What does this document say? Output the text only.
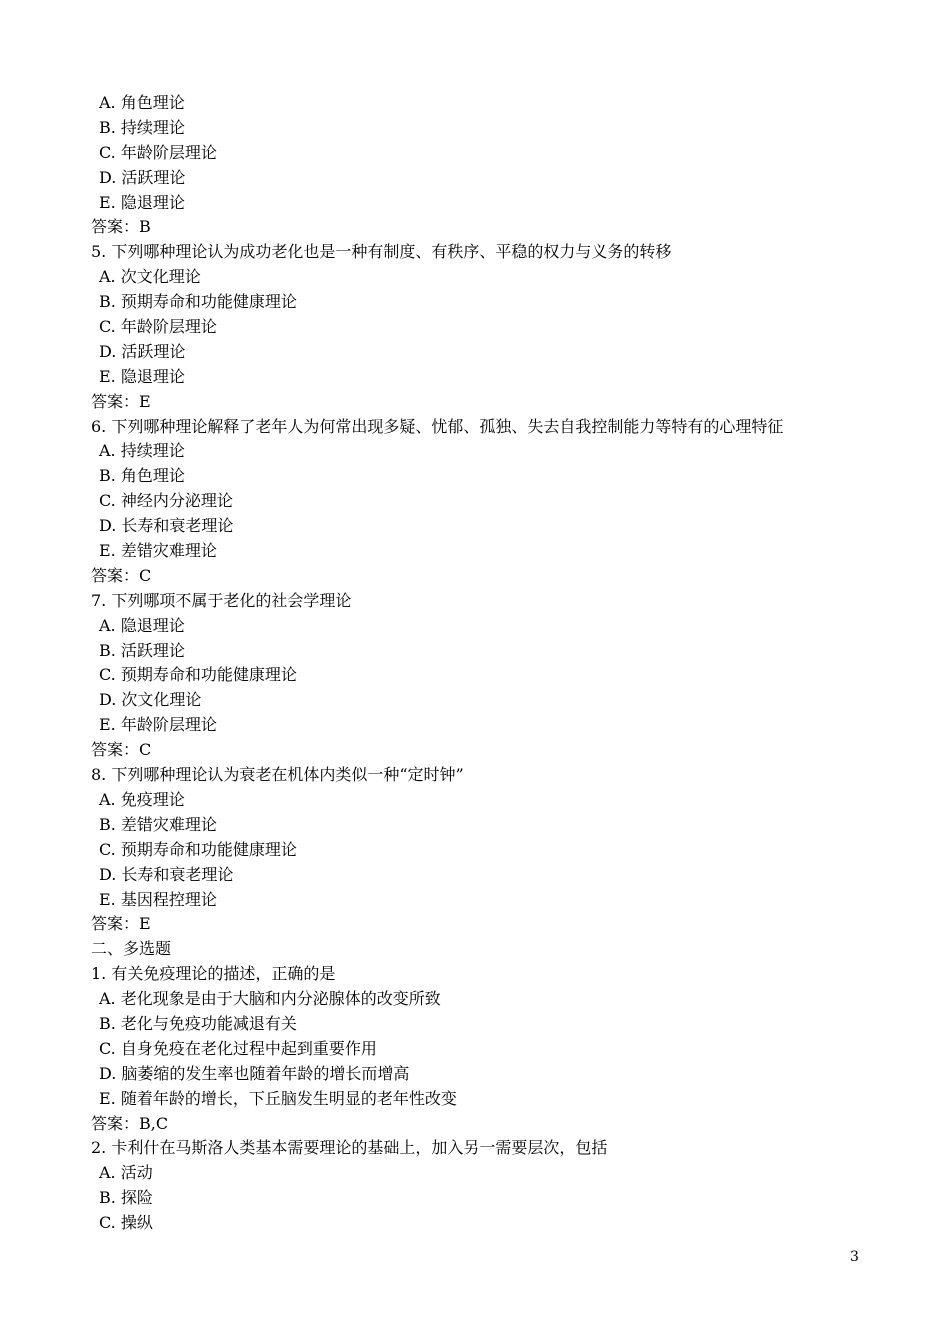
A. 角色理论
B. 持续理论
C. 年龄阶层理论
D. 活跃理论
E. 隐退理论
答案：B
5. 下列哪种理论认为成功老化也是一种有制度、有秩序、平稳的权力与义务的转移
A. 次文化理论
B. 预期寿命和功能健康理论
C. 年龄阶层理论
D. 活跃理论
E. 隐退理论
答案：E
6. 下列哪种理论解释了老年人为何常出现多疑、忧郁、孤独、失去自我控制能力等特有的心理特征
A. 持续理论
B. 角色理论
C. 神经内分泌理论
D. 长寿和衰老理论
E. 差错灾难理论
答案：C
7. 下列哪项不属于老化的社会学理论
A. 隐退理论
B. 活跃理论
C. 预期寿命和功能健康理论
D. 次文化理论
E. 年龄阶层理论
答案：C
8. 下列哪种理论认为衰老在机体内类似一种“定时钟”
A. 免疫理论
B. 差错灾难理论
C. 预期寿命和功能健康理论
D. 长寿和衰老理论
E. 基因程控理论
答案：E
二、多选题
1. 有关免疫理论的描述，正确的是
A. 老化现象是由于大脑和内分泌腺体的改变所致
B. 老化与免疫功能减退有关
C. 自身免疫在老化过程中起到重要作用
D. 脑萎缩的发生率也随着年龄的增长而增高
E. 随着年龄的增长，下丘脑发生明显的老年性改变
答案：B,C
2. 卡利什在马斯洛人类基本需要理论的基础上，加入另一需要层次，包括
A. 活动
B. 探险
C. 操纵
3
